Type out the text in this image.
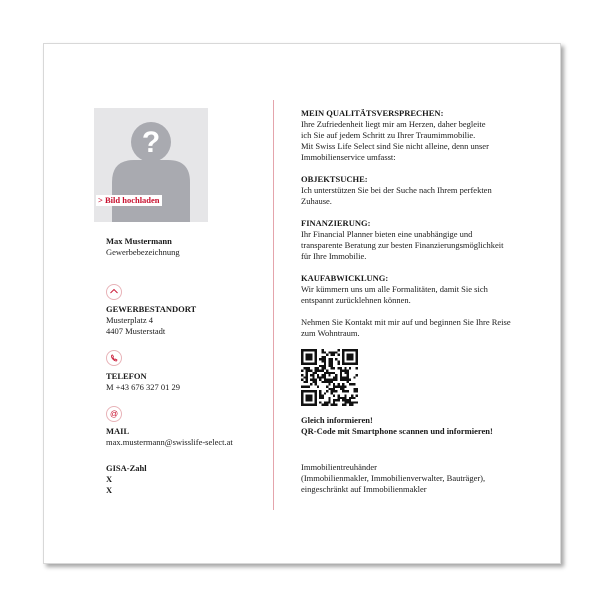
?
> Bild hochladen
Max Mustermann
Gewerbebezeichnung
GEWERBESTANDORT
Musterplatz 4
4407 Musterstadt
TELEFON
M +43 676 327 01 29
@
MAIL
max.mustermann@swisslife-select.at
GISA-Zahl
X
X
MEIN QUALITÄTSVERSPRECHEN:
Ihre Zufriedenheit liegt mir am Herzen, daher begleite
ich Sie auf jedem Schritt zu Ihrer Traumimmobilie.
Mit Swiss Life Select sind Sie nicht alleine, denn unser
Immobilienservice umfasst:
OBJEKTSUCHE:
Ich unterstützen Sie bei der Suche nach Ihrem perfekten
Zuhause.
FINANZIERUNG:
Ihr Financial Planner bieten eine unabhängige und
transparente Beratung zur besten Finanzierungsmöglichkeit
für Ihre Immobilie.
KAUFABWICKLUNG:
Wir kümmern uns um alle Formalitäten, damit Sie sich
entspannt zurücklehnen können.
Nehmen Sie Kontakt mit mir auf und beginnen Sie Ihre Reise
zum Wohntraum.
Gleich informieren!
QR-Code mit Smartphone scannen und informieren!
Immobilientreuhänder
(Immobilienmakler, Immobilienverwalter, Bauträger),
eingeschränkt auf Immobilienmakler
